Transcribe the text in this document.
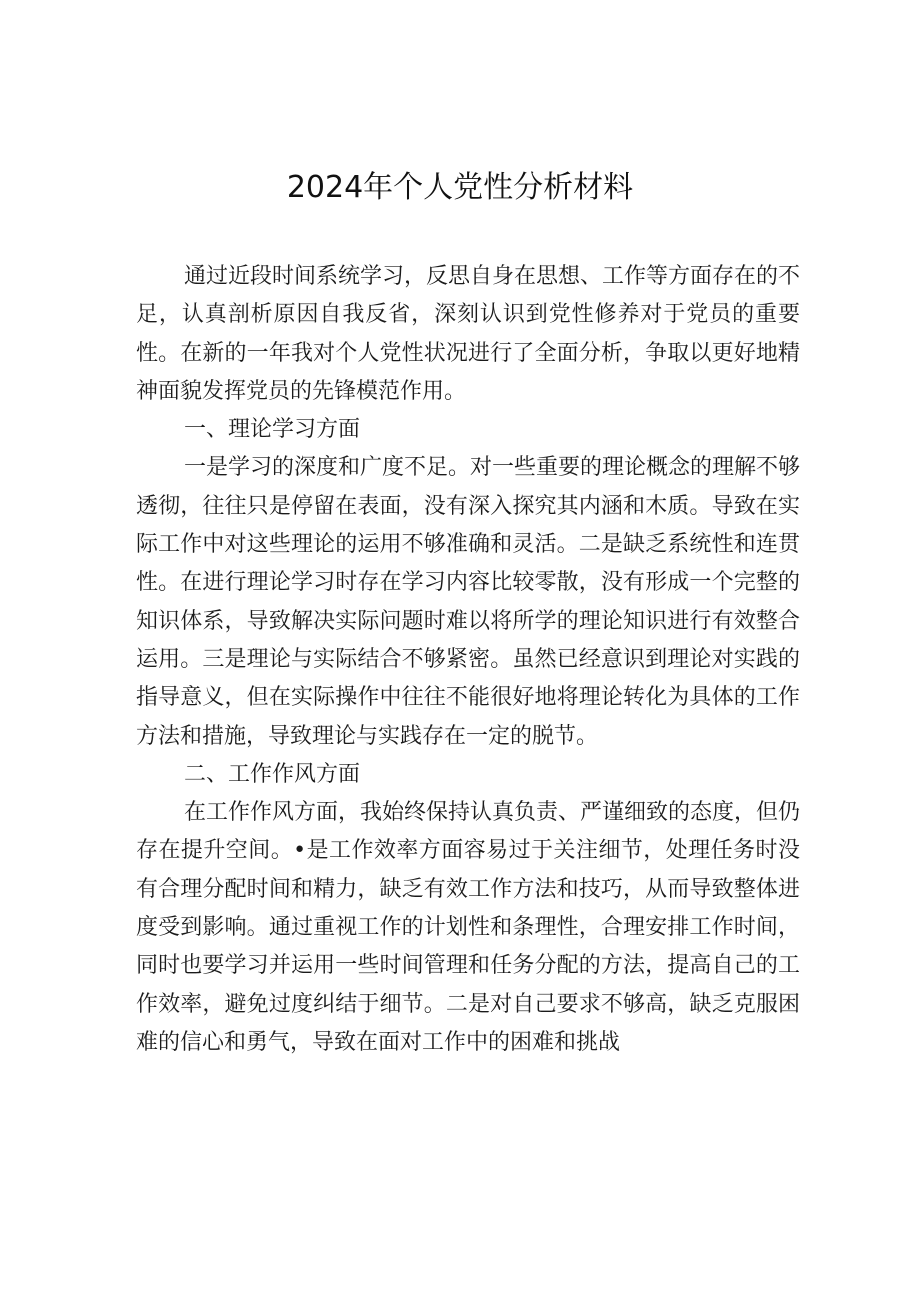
2024年个人党性分析材料

通过近段时间系统学习，反思自身在思想、工作等方面存在的不足，认真剖析原因自我反省，深刻认识到党性修养对于党员的重要性。在新的一年我对个人党性状况进行了全面分析，争取以更好地精神面貌发挥党员的先锋模范作用。

一、理论学习方面

一是学习的深度和广度不足。对一些重要的理论概念的理解不够透彻，往往只是停留在表面，没有深入探究其内涵和木质。导致在实际工作中对这些理论的运用不够准确和灵活。二是缺乏系统性和连贯性。在进行理论学习时存在学习内容比较零散，没有形成一个完整的知识体系，导致解决实际问题时难以将所学的理论知识进行有效整合运用。三是理论与实际结合不够紧密。虽然已经意识到理论对实践的指导意义，但在实际操作中往往不能很好地将理论转化为具体的工作方法和措施，导致理论与实践存在一定的脱节。

二、工作作风方面

在工作作风方面，我始终保持认真负责、严谨细致的态度，但仍存在提升空间。•是工作效率方面容易过于关注细节，处理任务时没有合理分配时间和精力，缺乏有效工作方法和技巧，从而导致整体进度受到影响。通过重视工作的计划性和条理性，合理安排工作时间，同时也要学习并运用一些时间管理和任务分配的方法，提高自己的工作效率，避免过度纠结于细节。二是对自己要求不够高，缺乏克服困难的信心和勇气，导致在面对工作中的困难和挑战
